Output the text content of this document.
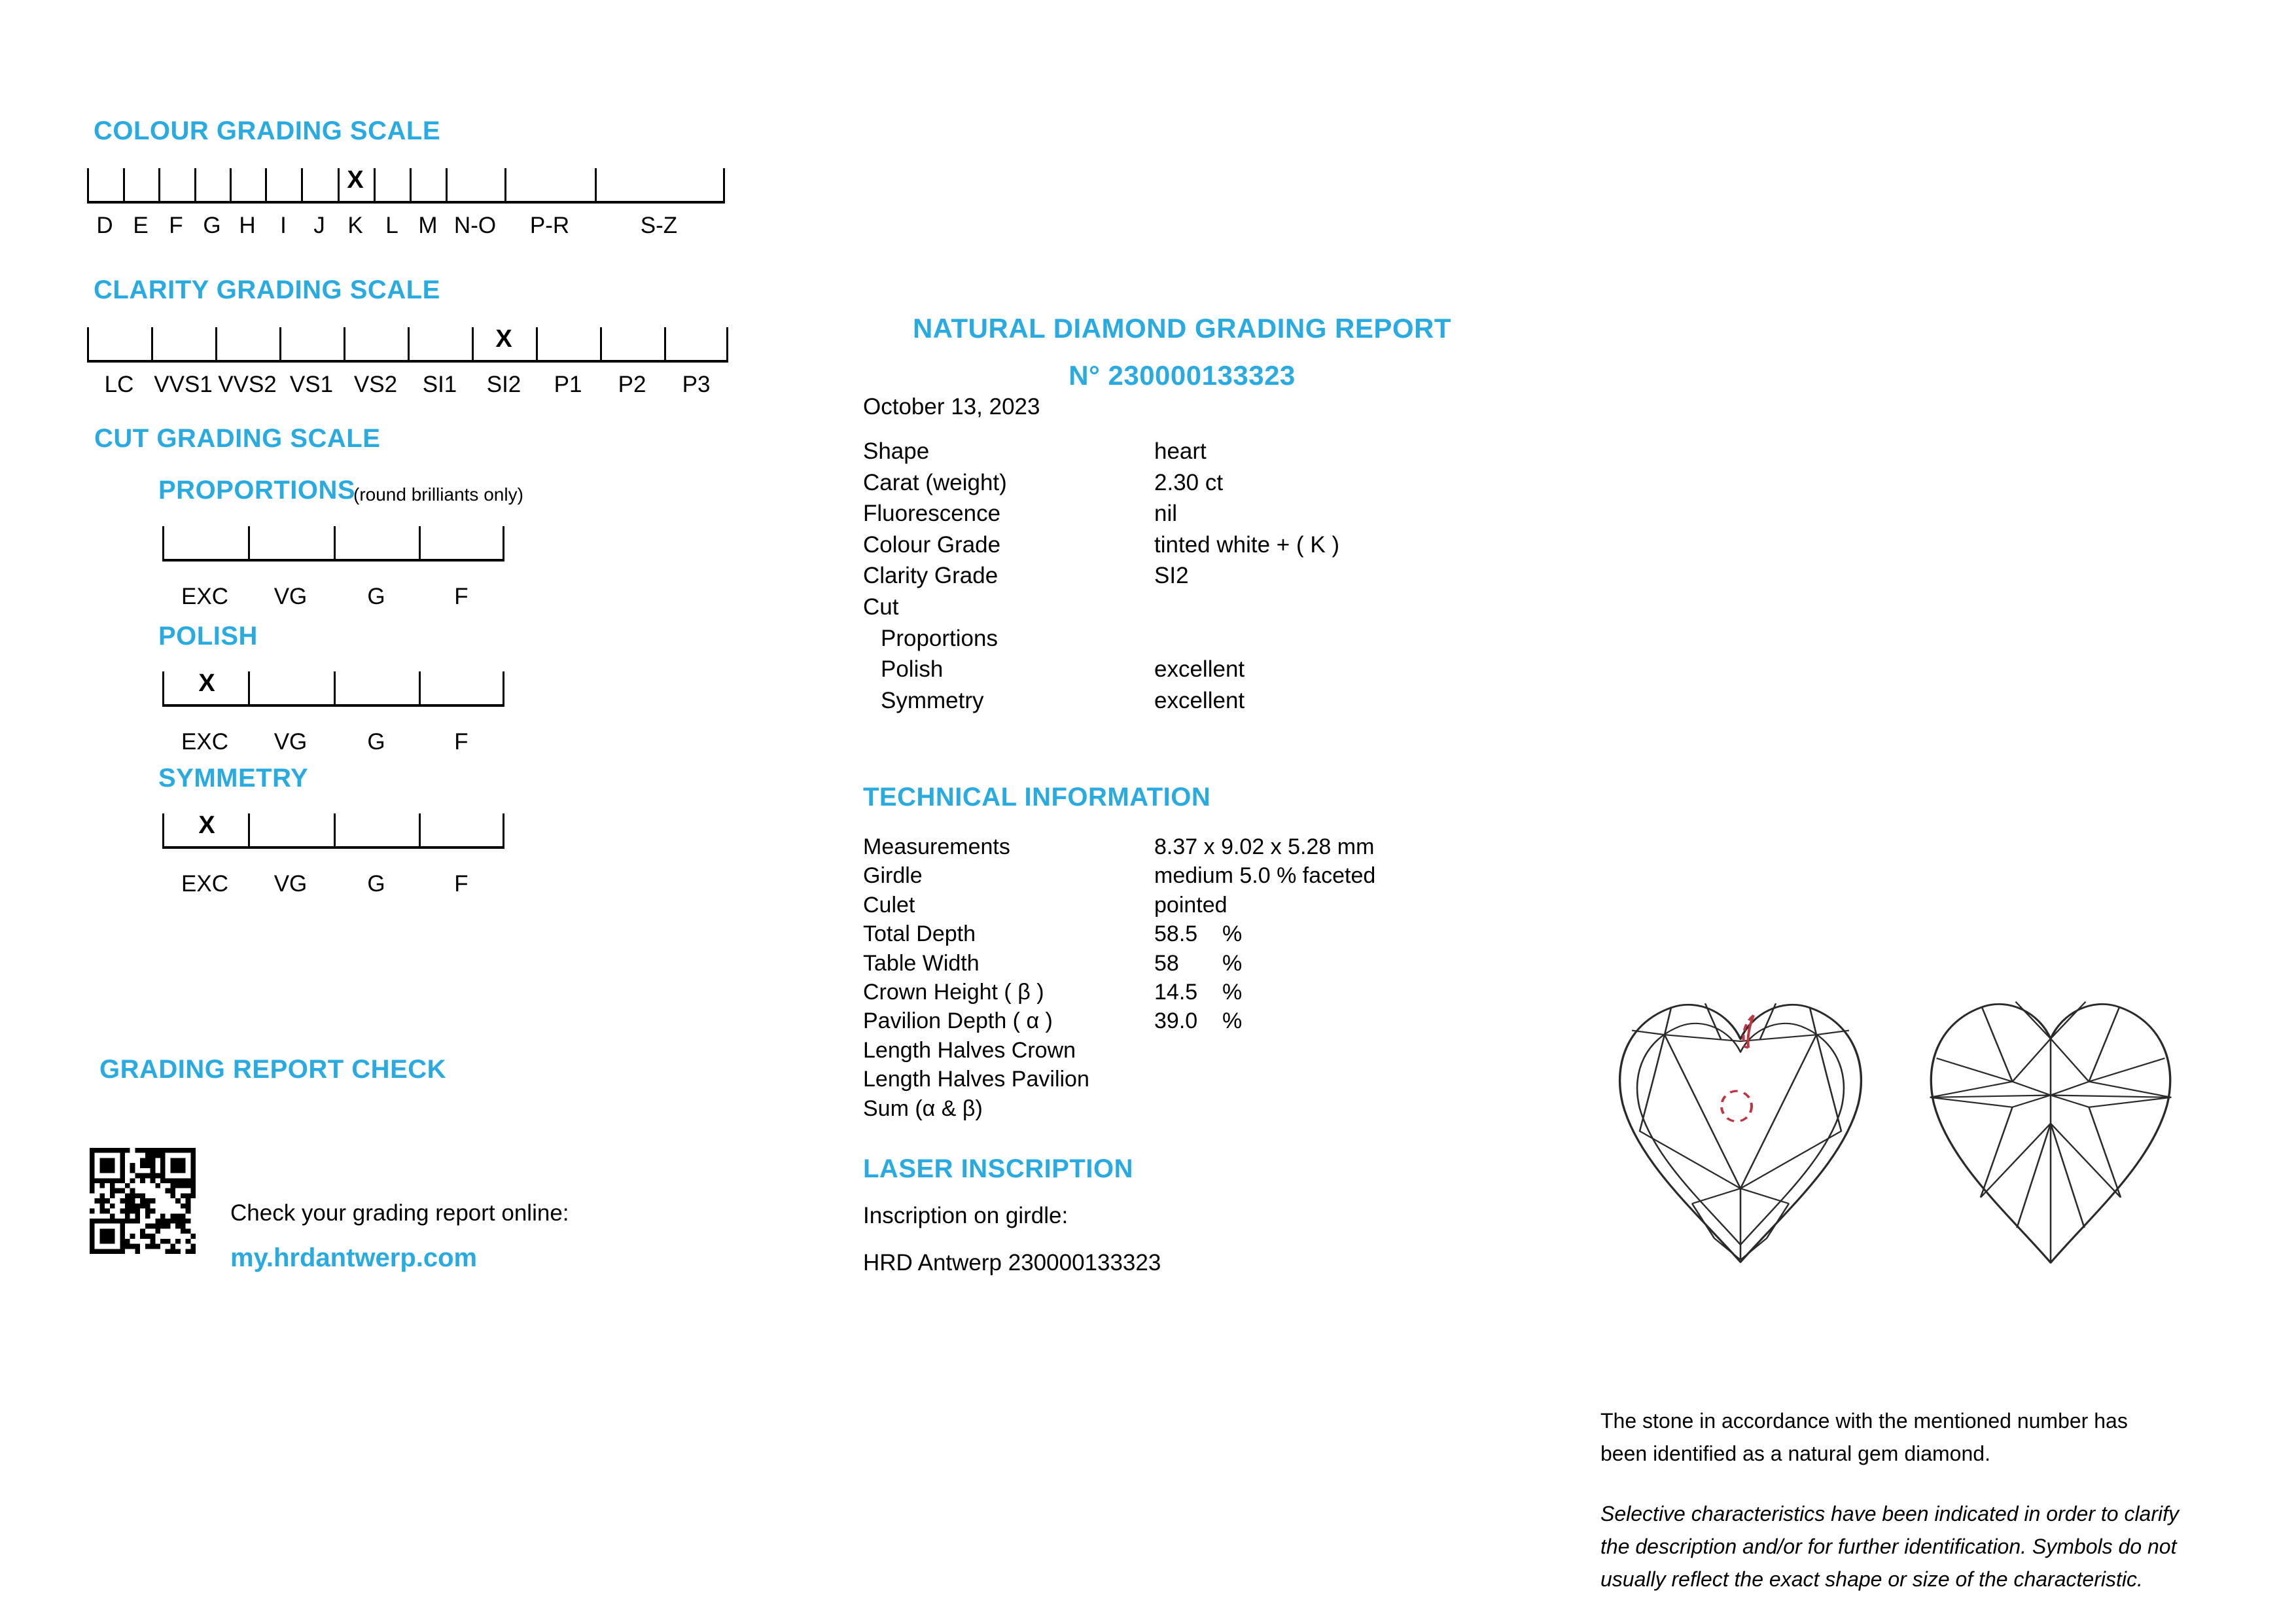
COLOUR GRADING SCALE
X
D E F G H I J K L M N-O P-R	S-Z
CLARITY GRADING SCALE
X
LC VVS1 VVS2 VS1 VS2 SI1 SI2 P1 P2 P3
CUT GRADING SCALE
PROPORTIONS
(round brilliants only)
EXC VG	G	F
POLISH
X
EXC VG	G	F
SYMMETRY
X
EXC VG	G	F
GRADING REPORT CHECK
Check your grading report online:
my.hrdantwerp.com
NATURAL DIAMOND GRADING REPORT
N° 230000133323
October 13, 2023
Shape	heart
Carat (weight)	2.30 ct
Fluorescence	nil
Colour Grade	tinted white + ( K )
Clarity Grade	SI2
Cut
Proportions
Polish	excellent
Symmetry	excellent
TECHNICAL INFORMATION
Measurements	8.37 x 9.02 x 5.28 mm
Girdle	medium 5.0 % faceted
Culet	pointed
Total Depth	58.5 %
Table Width	58 %
Crown Height ( β )	14.5 %
Pavilion Depth ( α )	39.0 %
Length Halves Crown
Length Halves Pavilion
Sum (α & β)
LASER INSCRIPTION
Inscription on girdle:
HRD Antwerp 230000133323
The stone in accordance with the mentioned number has been identified as a natural gem diamond.
Selective characteristics have been indicated in order to clarify the description and/or for further identification. Symbols do not usually reflect the exact shape or size of the characteristic.
